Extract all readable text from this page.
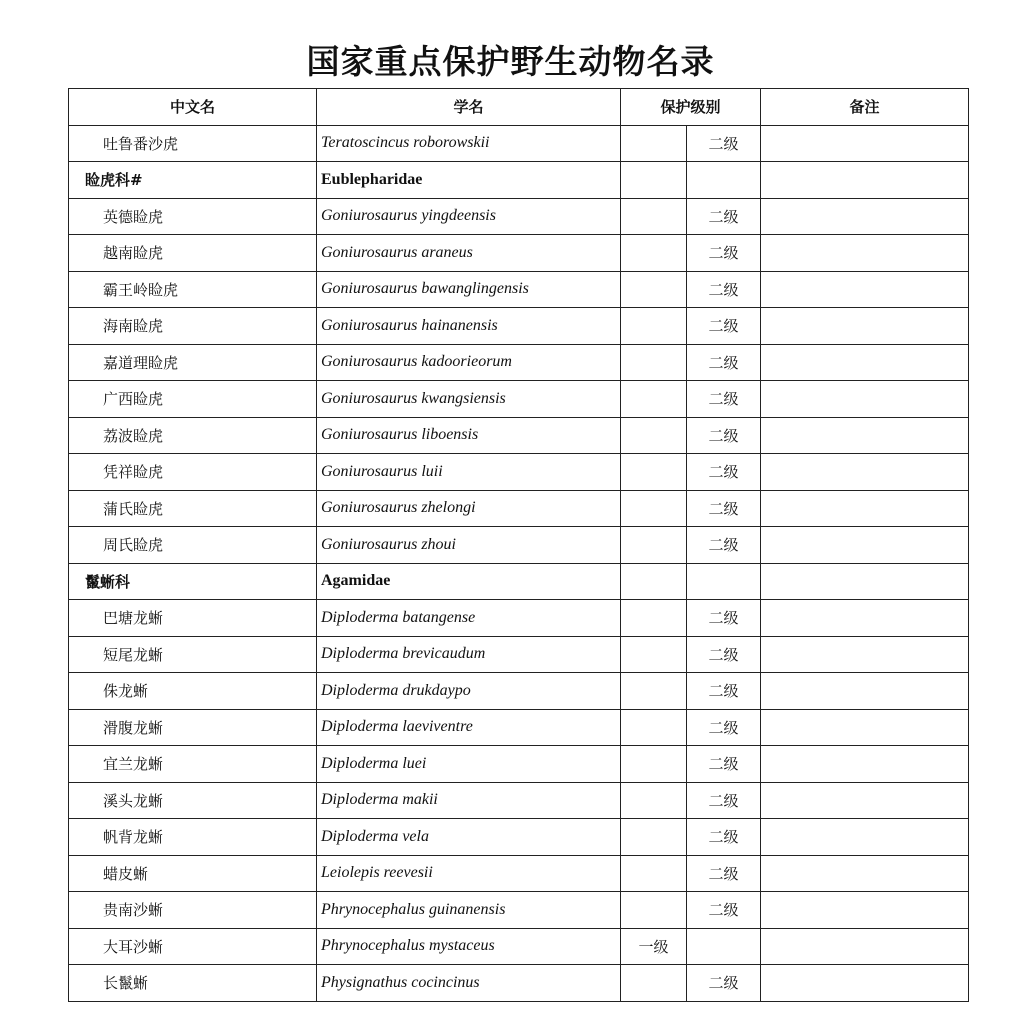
国家重点保护野生动物名录
中文名	学名	保护级别		备注
吐鲁番沙虎	Teratoscincus roborowskii		二级	
睑虎科#	Eublepharidae			
英德睑虎	Goniurosaurus yingdeensis		二级	
越南睑虎	Goniurosaurus araneus		二级	
霸王岭睑虎	Goniurosaurus bawanglingensis		二级	
海南睑虎	Goniurosaurus hainanensis		二级	
嘉道理睑虎	Goniurosaurus kadoorieorum		二级	
广西睑虎	Goniurosaurus kwangsiensis		二级	
荔波睑虎	Goniurosaurus liboensis		二级	
凭祥睑虎	Goniurosaurus luii		二级	
蒲氏睑虎	Goniurosaurus zhelongi		二级	
周氏睑虎	Goniurosaurus zhoui		二级	
鬣蜥科	Agamidae			
巴塘龙蜥	Diploderma batangense		二级	
短尾龙蜥	Diploderma brevicaudum		二级	
侏龙蜥	Diploderma drukdaypo		二级	
滑腹龙蜥	Diploderma laeviventre		二级	
宜兰龙蜥	Diploderma luei		二级	
溪头龙蜥	Diploderma makii		二级	
帆背龙蜥	Diploderma vela		二级	
蜡皮蜥	Leiolepis reevesii		二级	
贵南沙蜥	Phrynocephalus guinanensis		二级	
大耳沙蜥	Phrynocephalus mystaceus	一级		
长鬣蜥	Physignathus cocincinus		二级	
